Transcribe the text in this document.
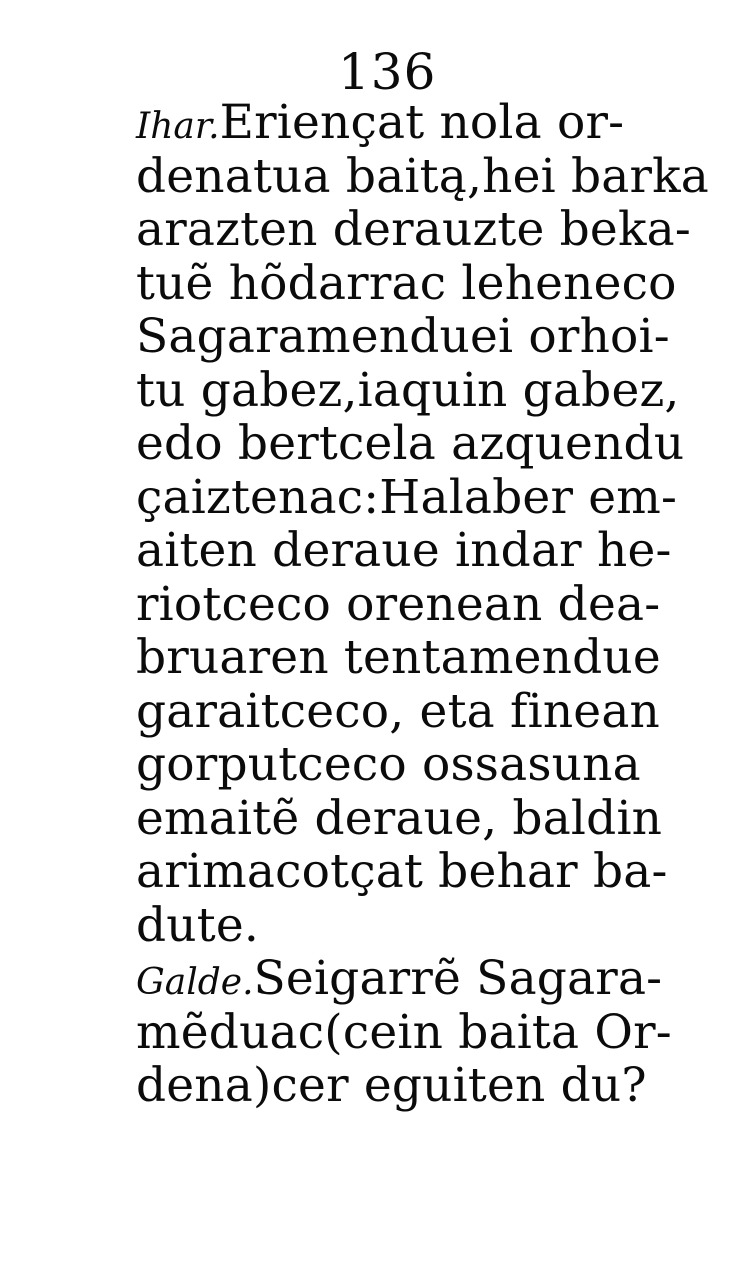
136
Ihar.Eriençat nola or-
denatua baitą,hei barka
arazten derauzte beka-
tuẽ hõdarrac leheneco
Sagaramenduei orhoi-
tu gabez,iaquin gabez,
edo bertcela azquendu
çaiztenac:Halaber em-
aiten deraue indar he-
riotceco orenean dea-
bruaren tentamendue
garaitceco, eta finean
gorputceco ossasuna
emaitẽ deraue, baldin
arimacotçat behar ba-
dute.
Galde.Seigarrẽ Sagara-
mẽduac(cein baita Or-
dena)cer eguiten du?
